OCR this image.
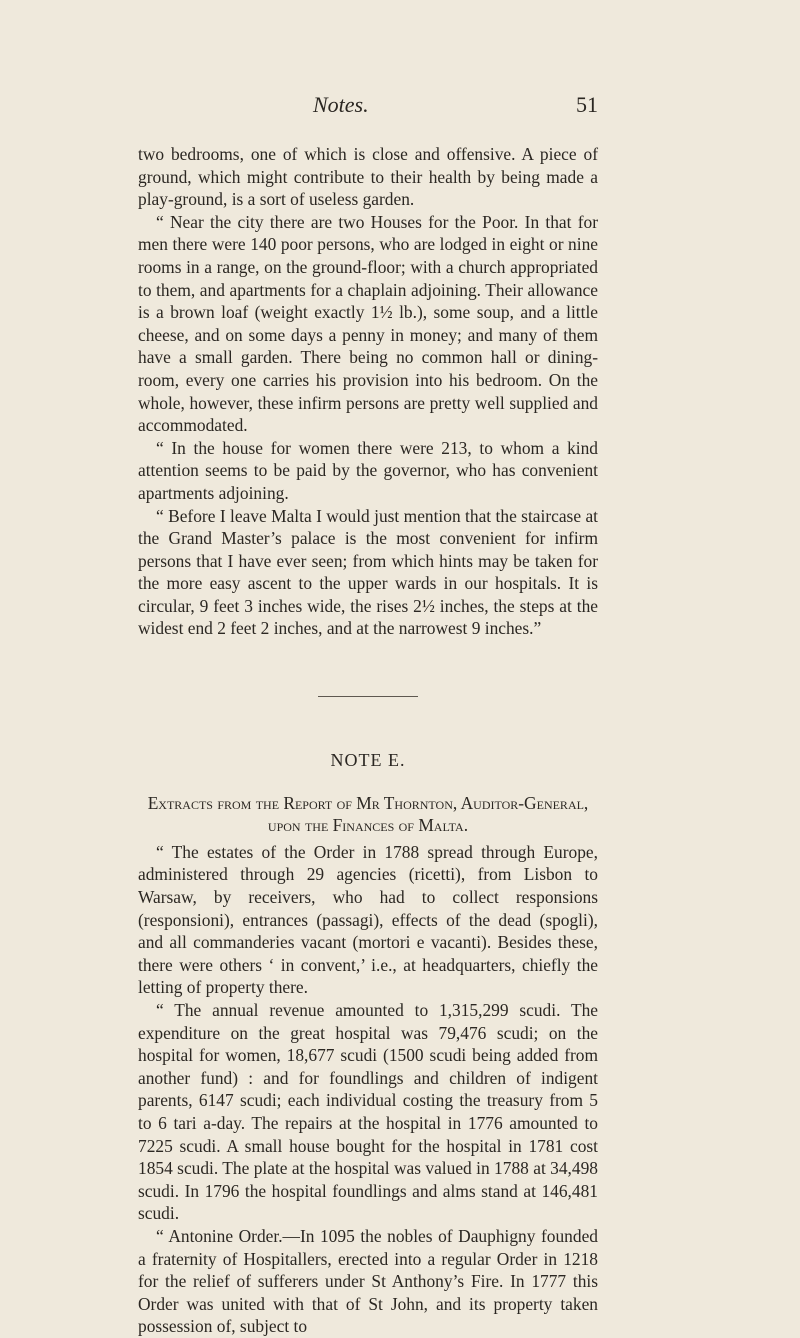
Notes.	51

two bedrooms, one of which is close and offensive. A piece of ground, which might contribute to their health by being made a play-ground, is a sort of useless garden.

“ Near the city there are two Houses for the Poor. In that for men there were 140 poor persons, who are lodged in eight or nine rooms in a range, on the ground-floor; with a church appropriated to them, and apartments for a chaplain adjoining. Their allowance is a brown loaf (weight exactly 1½ lb.), some soup, and a little cheese, and on some days a penny in money; and many of them have a small garden. There being no common hall or dining-room, every one carries his provision into his bedroom. On the whole, however, these infirm persons are pretty well supplied and accommodated.

“ In the house for women there were 213, to whom a kind attention seems to be paid by the governor, who has convenient apartments adjoining.

“ Before I leave Malta I would just mention that the staircase at the Grand Master’s palace is the most convenient for infirm persons that I have ever seen; from which hints may be taken for the more easy ascent to the upper wards in our hospitals. It is circular, 9 feet 3 inches wide, the rises 2½ inches, the steps at the widest end 2 feet 2 inches, and at the narrowest 9 inches.”

NOTE E.
Extracts from the Report of Mr Thornton, Auditor-General,
upon the Finances of Malta.

“ The estates of the Order in 1788 spread through Europe, administered through 29 agencies (ricetti), from Lisbon to Warsaw, by receivers, who had to collect responsions (responsioni), entrances (passagi), effects of the dead (spogli), and all commanderies vacant (mortori e vacanti). Besides these, there were others ‘ in convent,’ i.e., at headquarters, chiefly the letting of property there.

“ The annual revenue amounted to 1,315,299 scudi. The expenditure on the great hospital was 79,476 scudi; on the hospital for women, 18,677 scudi (1500 scudi being added from another fund) : and for foundlings and children of indigent parents, 6147 scudi; each individual costing the treasury from 5 to 6 tari a-day. The repairs at the hospital in 1776 amounted to 7225 scudi. A small house bought for the hospital in 1781 cost 1854 scudi. The plate at the hospital was valued in 1788 at 34,498 scudi. In 1796 the hospital foundlings and alms stand at 146,481 scudi.

“ Antonine Order.—In 1095 the nobles of Dauphigny founded a fraternity of Hospitallers, erected into a regular Order in 1218 for the relief of sufferers under St Anthony’s Fire. In 1777 this Order was united with that of St John, and its property taken possession of, subject to
